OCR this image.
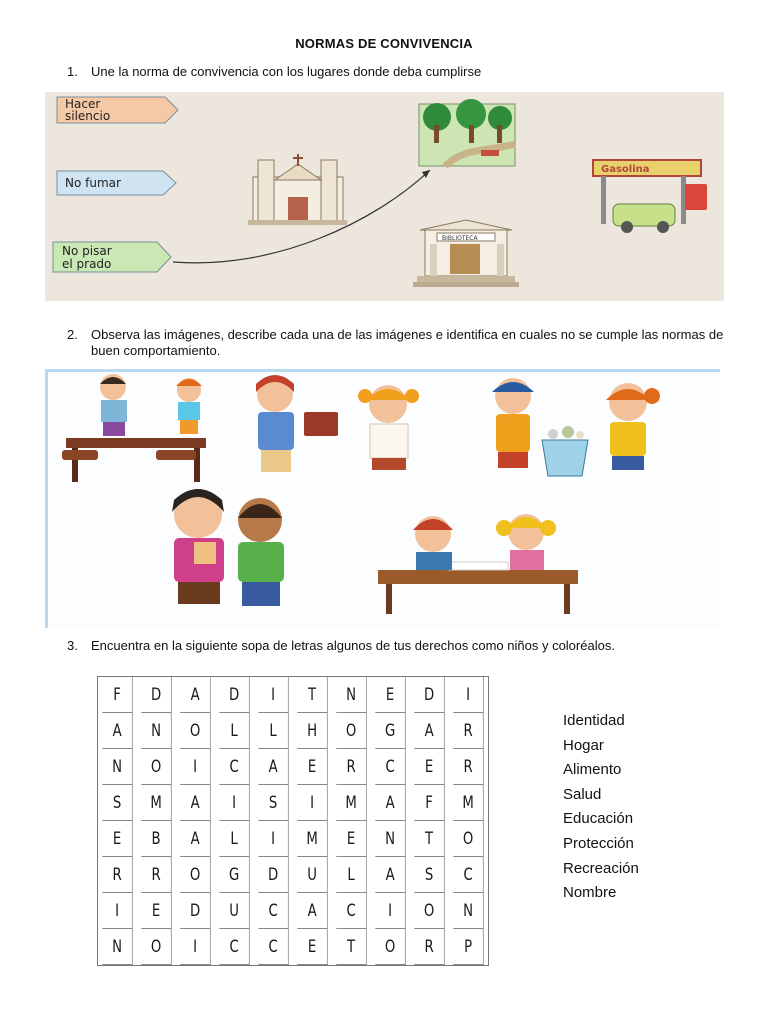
NORMAS DE CONVIVENCIA
1. Une la norma de convivencia con los lugares donde deba cumplirse
Hacer
silencio
No fumar
No pisar
el prado
Gasolina
BIBLIOTECA
2. Observa las imágenes, describe cada una de las imágenes e identifica en cuales no se cumple las normas de buen comportamiento.
3. Encuentra en la siguiente sopa de letras algunos de tus derechos como niños y coloréalos.
F	D	A	D	I	T	N	E	D	I
A	N	O	L	L	H	O	G	A	R
N	O	I	C	A	E	R	C	E	R
S	M	A	I	S	I	M	A	F	M
E	B	A	L	I	M	E	N	T	O
R	R	O	G	D	U	L	A	S	C
I	E	D	U	C	A	C	I	O	N
N	O	I	C	C	E	T	O	R	P
Identidad
Hogar
Alimento
Salud
Educación
Protección
Recreación
Nombre
